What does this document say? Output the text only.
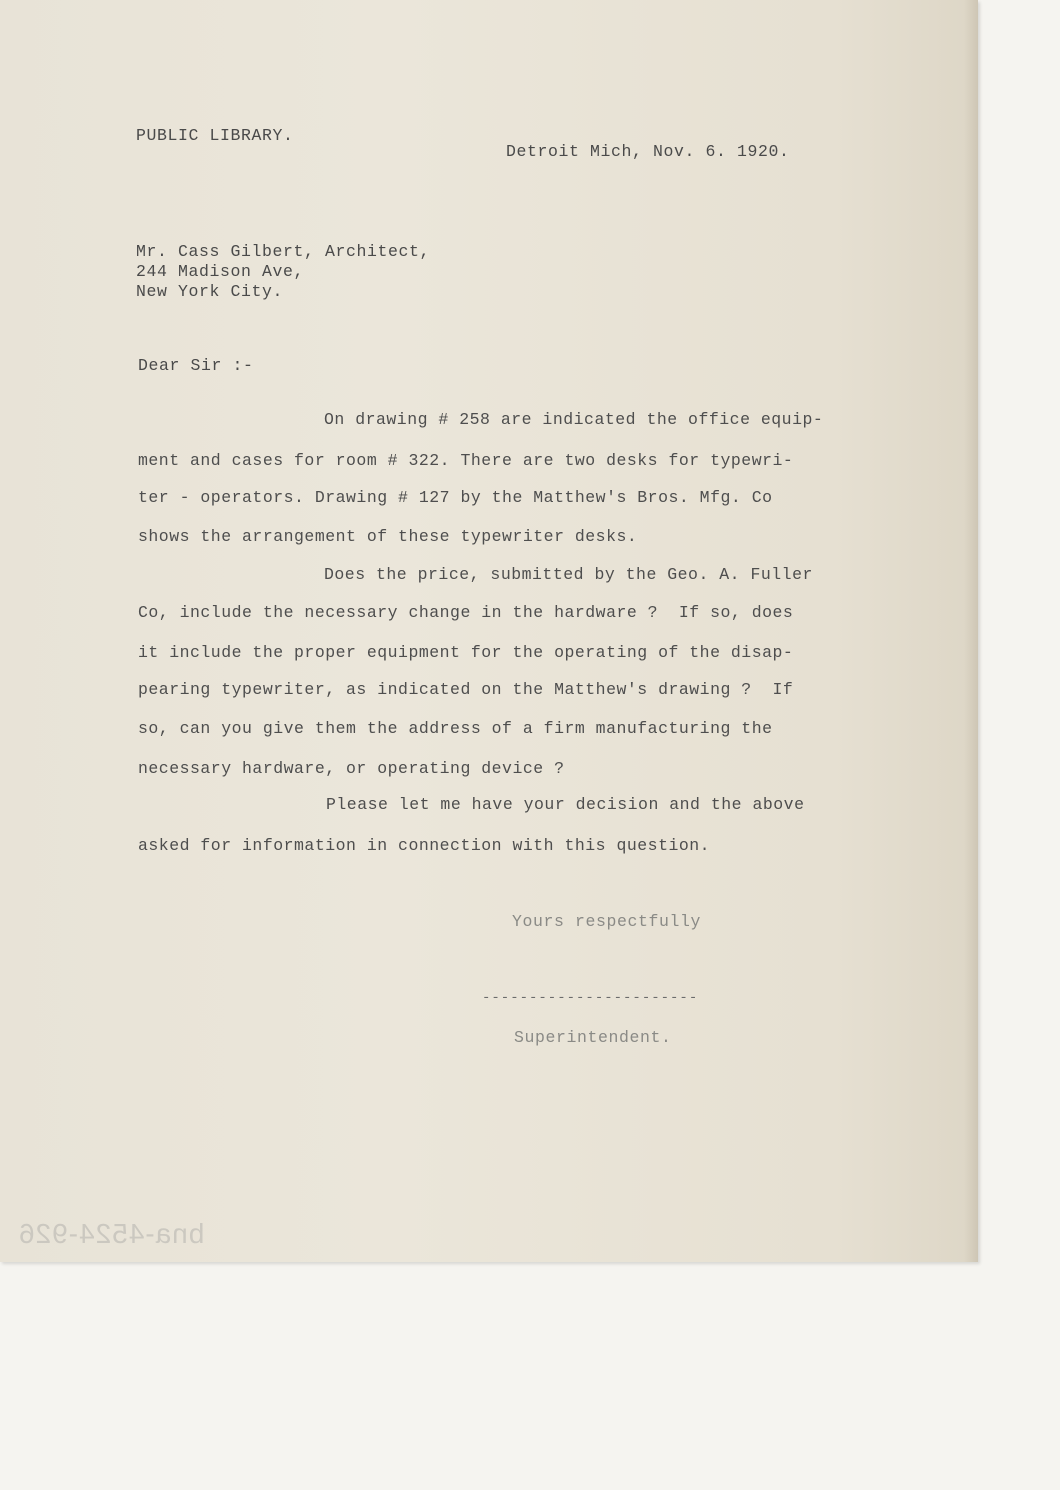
PUBLIC LIBRARY.
Detroit Mich, Nov. 6. 1920.
Mr. Cass Gilbert, Architect,
244 Madison Ave,
New York City.
Dear Sir :-
On drawing # 258 are indicated the office equip-
ment and cases for room # 322. There are two desks for typewri-
ter - operators. Drawing # 127 by the Matthew's Bros. Mfg. Co
shows the arrangement of these typewriter desks.
Does the price, submitted by the Geo. A. Fuller
Co, include the necessary change in the hardware ?  If so, does
it include the proper equipment for the operating of the disap-
pearing typewriter, as indicated on the Matthew's drawing ?  If
so, can you give them the address of a firm manufacturing the
necessary hardware, or operating device ?
Please let me have your decision and the above
asked for information in connection with this question.
Yours respectfully
-----------------------
Superintendent.
bna-4524-926
